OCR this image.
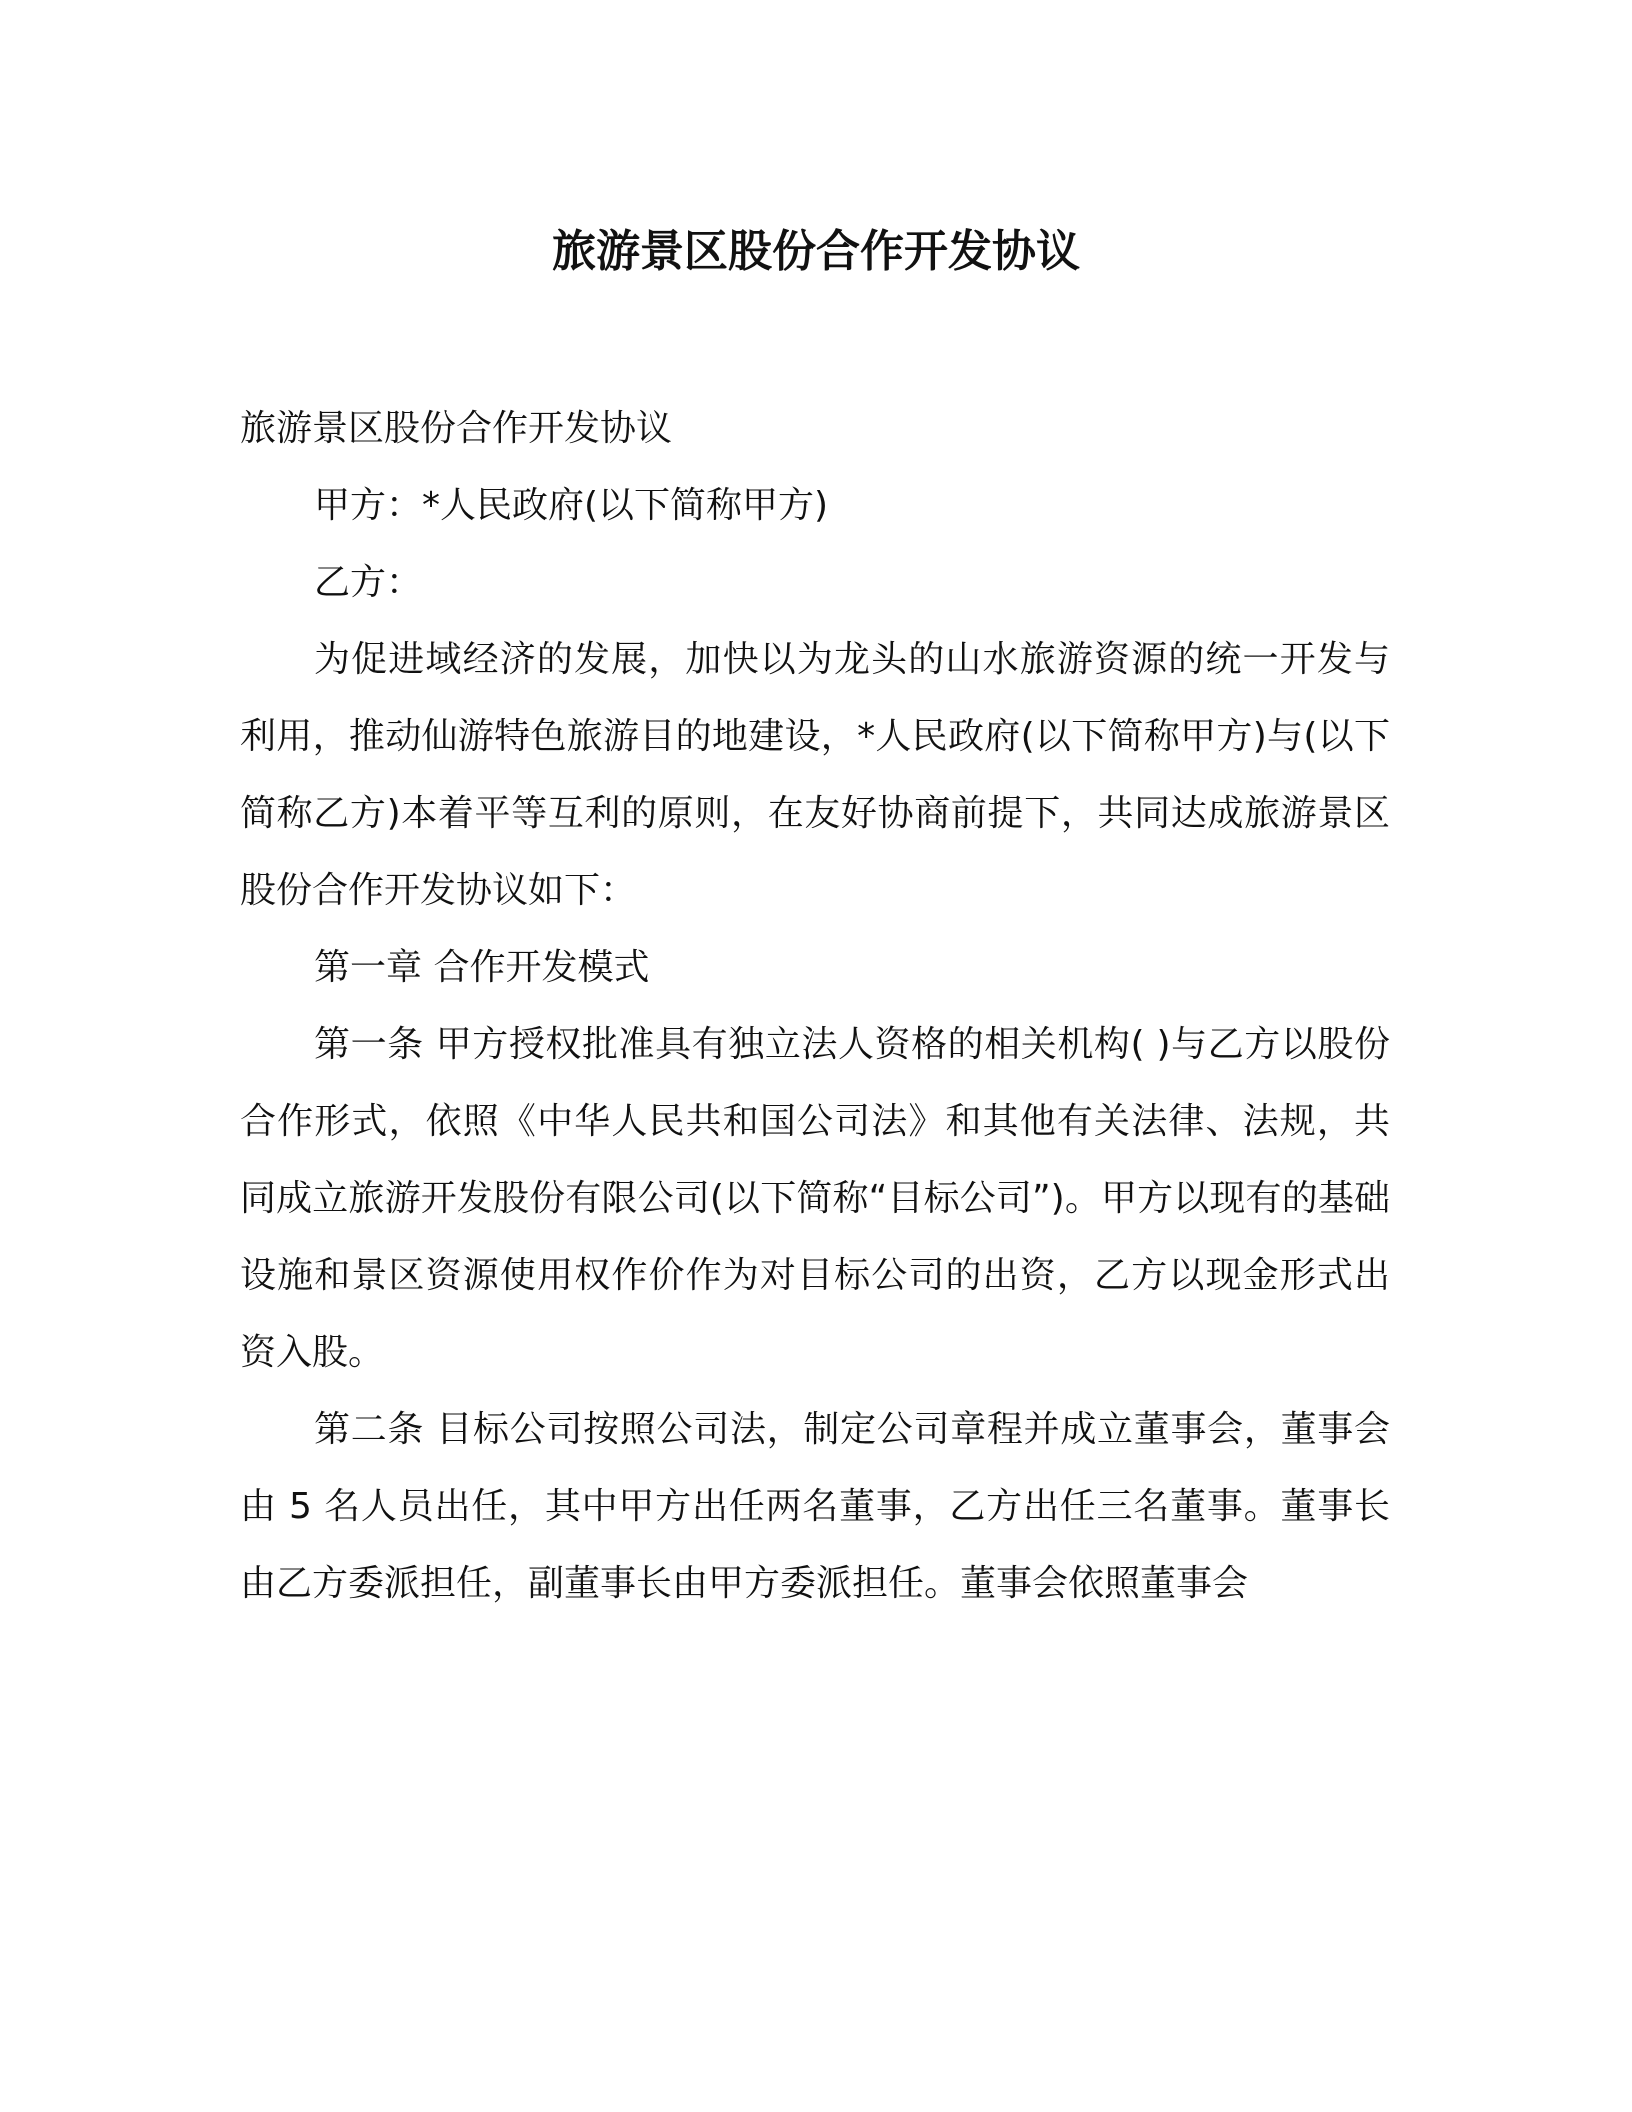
旅游景区股份合作开发协议

旅游景区股份合作开发协议

甲方：*人民政府(以下简称甲方)

乙方：

为促进域经济的发展，加快以为龙头的山水旅游资源的统一开发与利用，推动仙游特色旅游目的地建设，*人民政府(以下简称甲方)与(以下简称乙方)本着平等互利的原则，在友好协商前提下，共同达成旅游景区股份合作开发协议如下：

第一章 合作开发模式

第一条 甲方授权批准具有独立法人资格的相关机构( )与乙方以股份合作形式，依照《中华人民共和国公司法》和其他有关法律、法规，共同成立旅游开发股份有限公司(以下简称“目标公司”)。甲方以现有的基础设施和景区资源使用权作价作为对目标公司的出资，乙方以现金形式出资入股。

第二条 目标公司按照公司法，制定公司章程并成立董事会，董事会由 5 名人员出任，其中甲方出任两名董事，乙方出任三名董事。董事长由乙方委派担任，副董事长由甲方委派担任。董事会依照董事会
